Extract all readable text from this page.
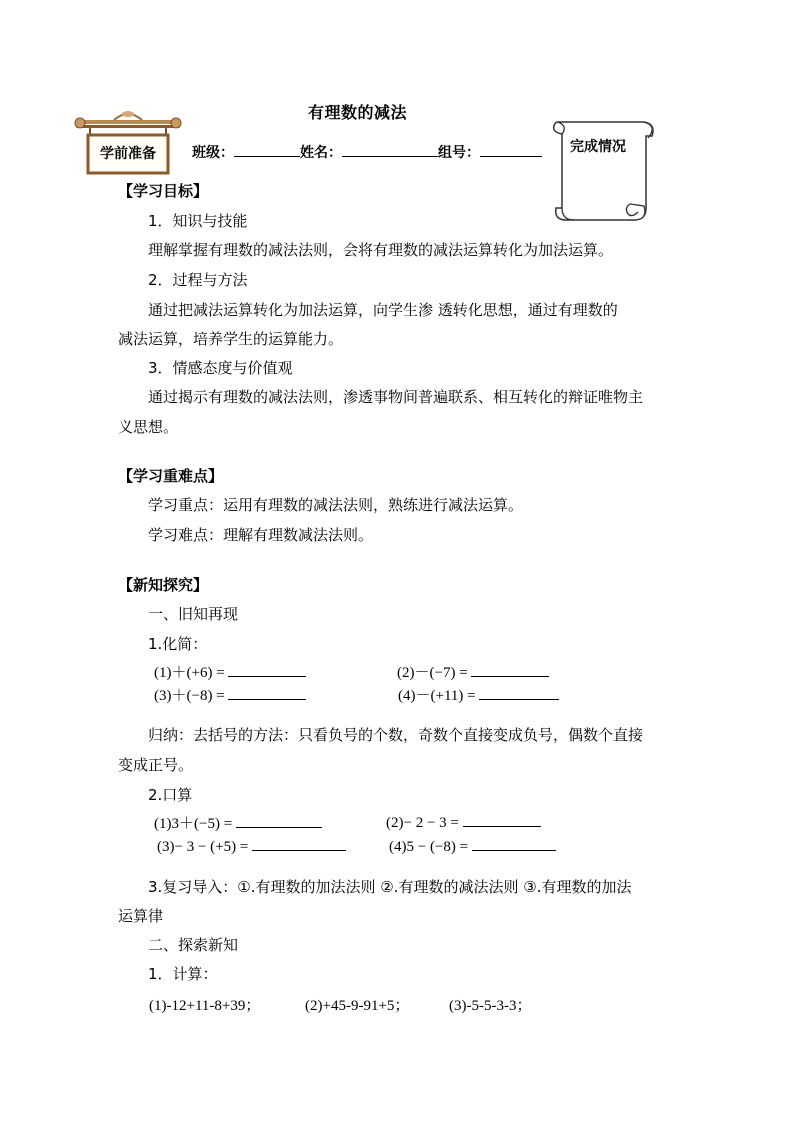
有理数的减法
学前准备	班级：	姓名：	组号：	完成情况
【学习目标】
1．知识与技能
理解掌握有理数的减法法则，会将有理数的减法运算转化为加法运算。
2．过程与方法
通过把减法运算转化为加法运算，向学生渗 透转化思想，通过有理数的
减法运算，培养学生的运算能力。
3．情感态度与价值观
通过揭示有理数的减法法则，渗透事物间普遍联系、相互转化的辩证唯物主
义思想。
【学习重难点】
学习重点：运用有理数的减法法则，熟练进行减法运算。
学习难点：理解有理数减法法则。
【新知探究】
一、旧知再现
1.化简：
(1)＋(+6) =	(2)－(−7) =
(3)＋(−8) =	(4)－(+11) =
归纳：去括号的方法：只看负号的个数，奇数个直接变成负号，偶数个直接
变成正号。
2.口算
(1)3＋(−5) =	(2)− 2 − 3 =
(3)− 3 − (+5) =	(4)5 − (−8) =
3.复习导入：①.有理数的加法法则 ②.有理数的减法法则 ③.有理数的加法
运算律
二、探索新知
1．计算：
(1)-12+11-8+39；	(2)+45-9-91+5；	(3)-5-5-3-3；
